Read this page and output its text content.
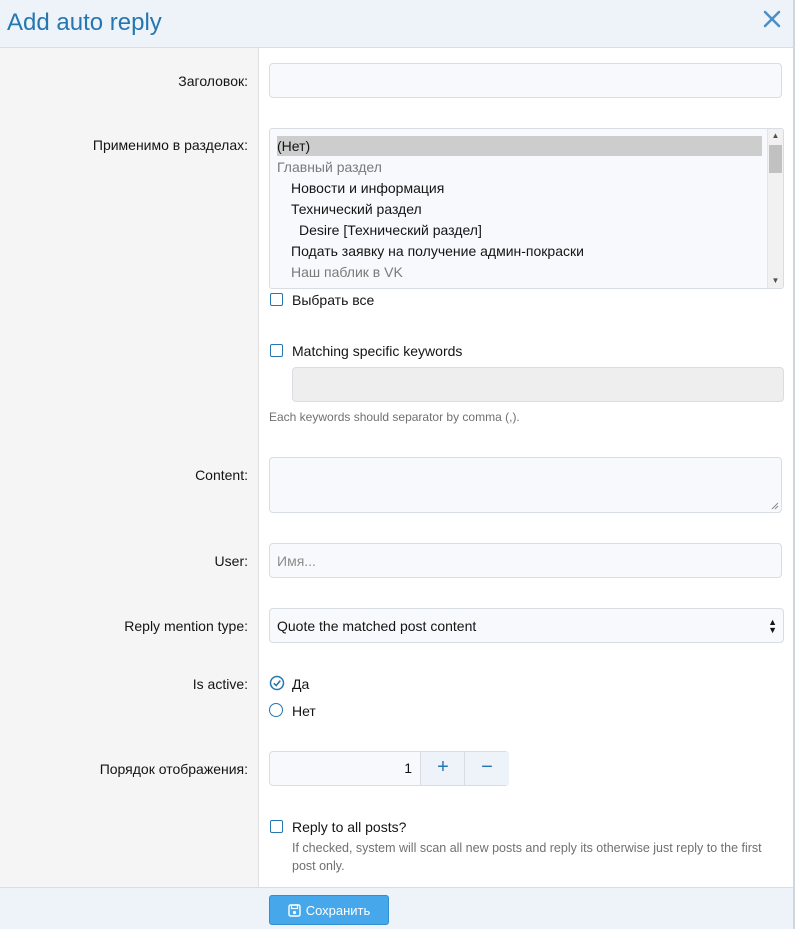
Add auto reply
Заголовок:
Применимо в разделах: (Нет)
Главный раздел
Новости и информация
Технический раздел
Desire [Технический раздел]
Подать заявку на получение админ-покраски
Наш паблик в VK
▲
▼
Выбрать все
Matching specific keywords
Each keywords should separator by comma (,).
Content:
User:	Имя...
Reply mention type:	Quote the matched post content	▲
▼
Is active:	Да
Нет
Порядок отображения:	1	+	−
Reply to all posts?
If checked, system will scan all new posts and reply its otherwise just reply to the first post only.
Сохранить
